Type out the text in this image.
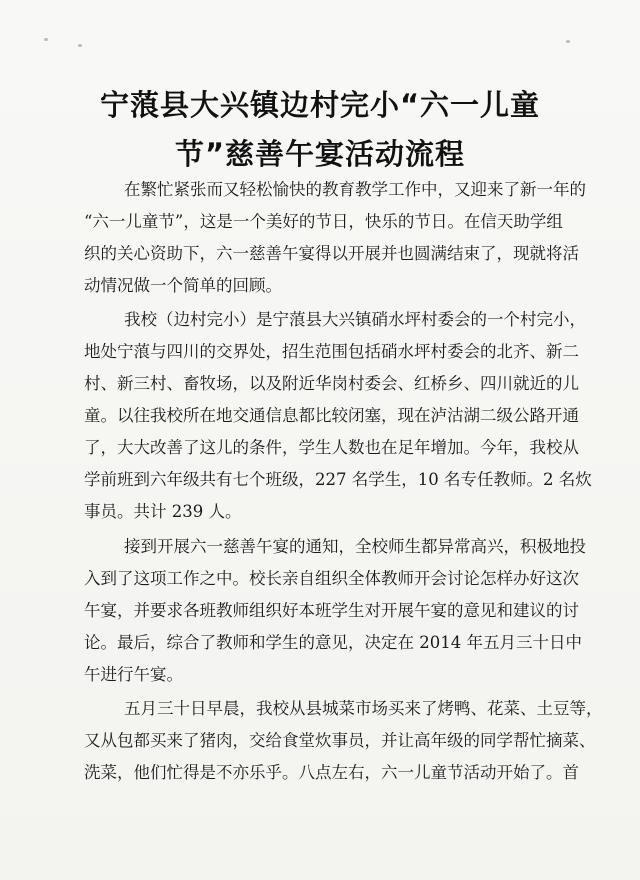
宁蒗县大兴镇边村完小“六一儿童
节”慈善午宴活动流程
在繁忙紧张而又轻松愉快的教育教学工作中，又迎来了新一年的
“六一儿童节”，这是一个美好的节日，快乐的节日。在信天助学组
织的关心资助下，六一慈善午宴得以开展并也圆满结束了，现就将活
动情况做一个简单的回顾。
我校（边村完小）是宁蒗县大兴镇硝水坪村委会的一个村完小，
地处宁蒗与四川的交界处，招生范围包括硝水坪村委会的北齐、新二
村、新三村、畜牧场，以及附近华岗村委会、红桥乡、四川就近的儿
童。以往我校所在地交通信息都比较闭塞，现在泸沽湖二级公路开通
了，大大改善了这儿的条件，学生人数也在足年增加。今年，我校从
学前班到六年级共有七个班级，227 名学生，10 名专任教师。2 名炊
事员。共计 239 人。
接到开展六一慈善午宴的通知，全校师生都异常高兴，积极地投
入到了这项工作之中。校长亲自组织全体教师开会讨论怎样办好这次
午宴，并要求各班教师组织好本班学生对开展午宴的意见和建议的讨
论。最后，综合了教师和学生的意见，决定在 2014 年五月三十日中
午进行午宴。
五月三十日早晨，我校从县城菜市场买来了烤鸭、花菜、土豆等，
又从包都买来了猪肉，交给食堂炊事员，并让高年级的同学帮忙摘菜、
洗菜，他们忙得是不亦乐乎。八点左右，六一儿童节活动开始了。首
